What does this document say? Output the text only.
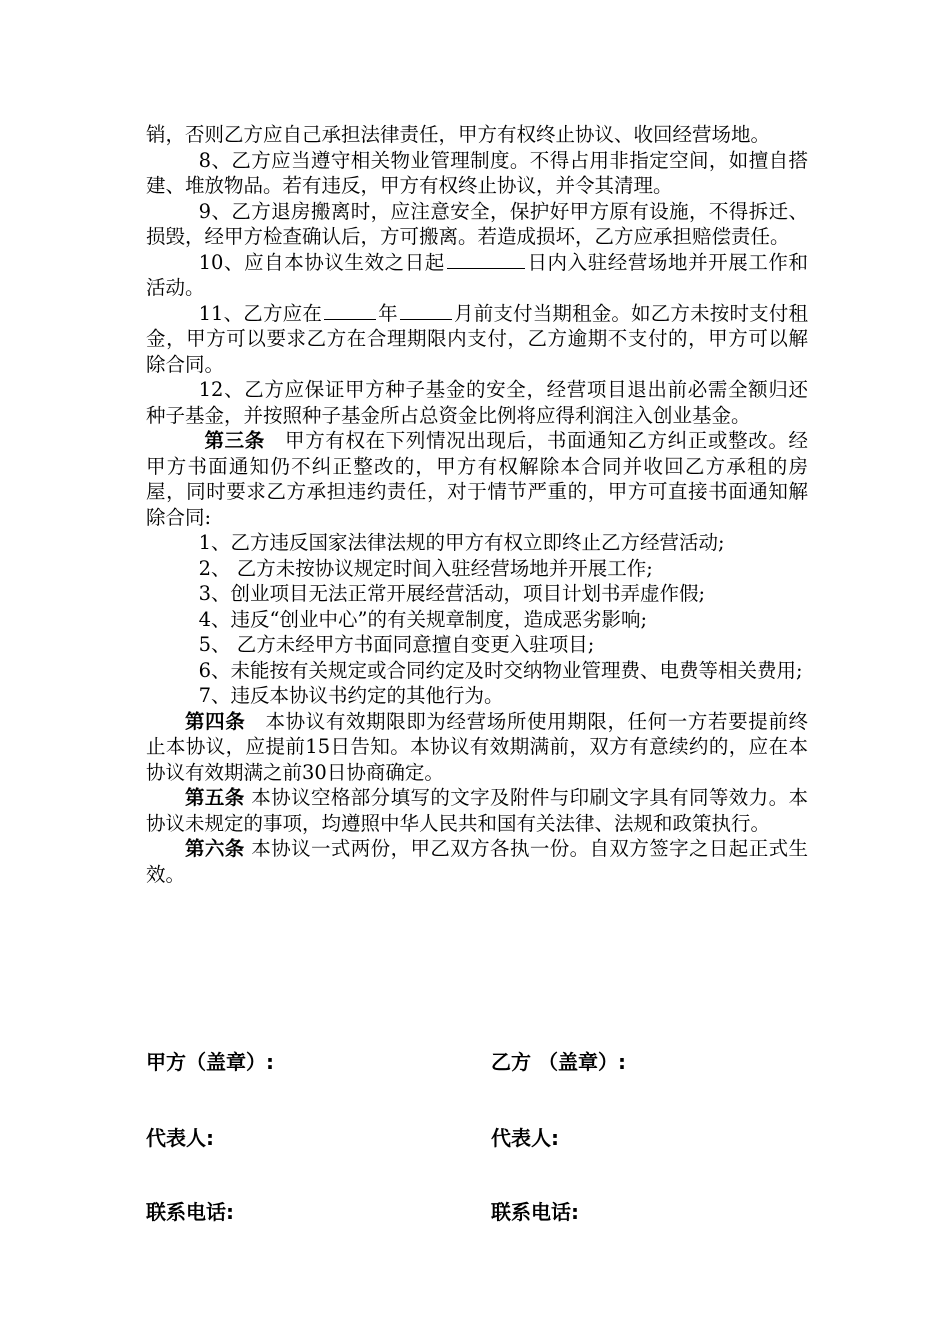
销，否则乙方应自己承担法律责任，甲方有权终止协议、收回经营场地。

8、乙方应当遵守相关物业管理制度。不得占用非指定空间，如擅自搭建、堆放物品。若有违反，甲方有权终止协议，并令其清理。

9、乙方退房搬离时，应注意安全，保护好甲方原有设施，不得拆迁、损毁，经甲方检查确认后，方可搬离。若造成损坏，乙方应承担赔偿责任。

10、应自本协议生效之日起	日内入驻经营场地并开展工作和活动。

11、乙方应在	年	月前支付当期租金。如乙方未按时支付租金，甲方可以要求乙方在合理期限内支付，乙方逾期不支付的，甲方可以解除合同。

12、乙方应保证甲方种子基金的安全，经营项目退出前必需全额归还种子基金，并按照种子基金所占总资金比例将应得利润注入创业基金。

第三条  甲方有权在下列情况出现后，书面通知乙方纠正或整改。经甲方书面通知仍不纠正整改的，甲方有权解除本合同并收回乙方承租的房屋，同时要求乙方承担违约责任，对于情节严重的，甲方可直接书面通知解除合同:

1、乙方违反国家法律法规的甲方有权立即终止乙方经营活动;

2、 乙方未按协议规定时间入驻经营场地并开展工作;

3、创业项目无法正常开展经营活动，项目计划书弄虚作假;

4、违反“创业中心”的有关规章制度，造成恶劣影响;

5、 乙方未经甲方书面同意擅自变更入驻项目;

6、未能按有关规定或合同约定及时交纳物业管理费、电费等相关费用;

7、违反本协议书约定的其他行为。

第四条  本协议有效期限即为经营场所使用期限，任何一方若要提前终止本协议，应提前15日告知。本协议有效期满前，双方有意续约的，应在本协议有效期满之前30日协商确定。

第五条 本协议空格部分填写的文字及附件与印刷文字具有同等效力。本协议未规定的事项，均遵照中华人民共和国有关法律、法规和政策执行。

第六条 本协议一式两份，甲乙双方各执一份。自双方签字之日起正式生效。

甲方（盖章）:	乙方 （盖章）:
代表人:	代表人:
联系电话:	联系电话:
